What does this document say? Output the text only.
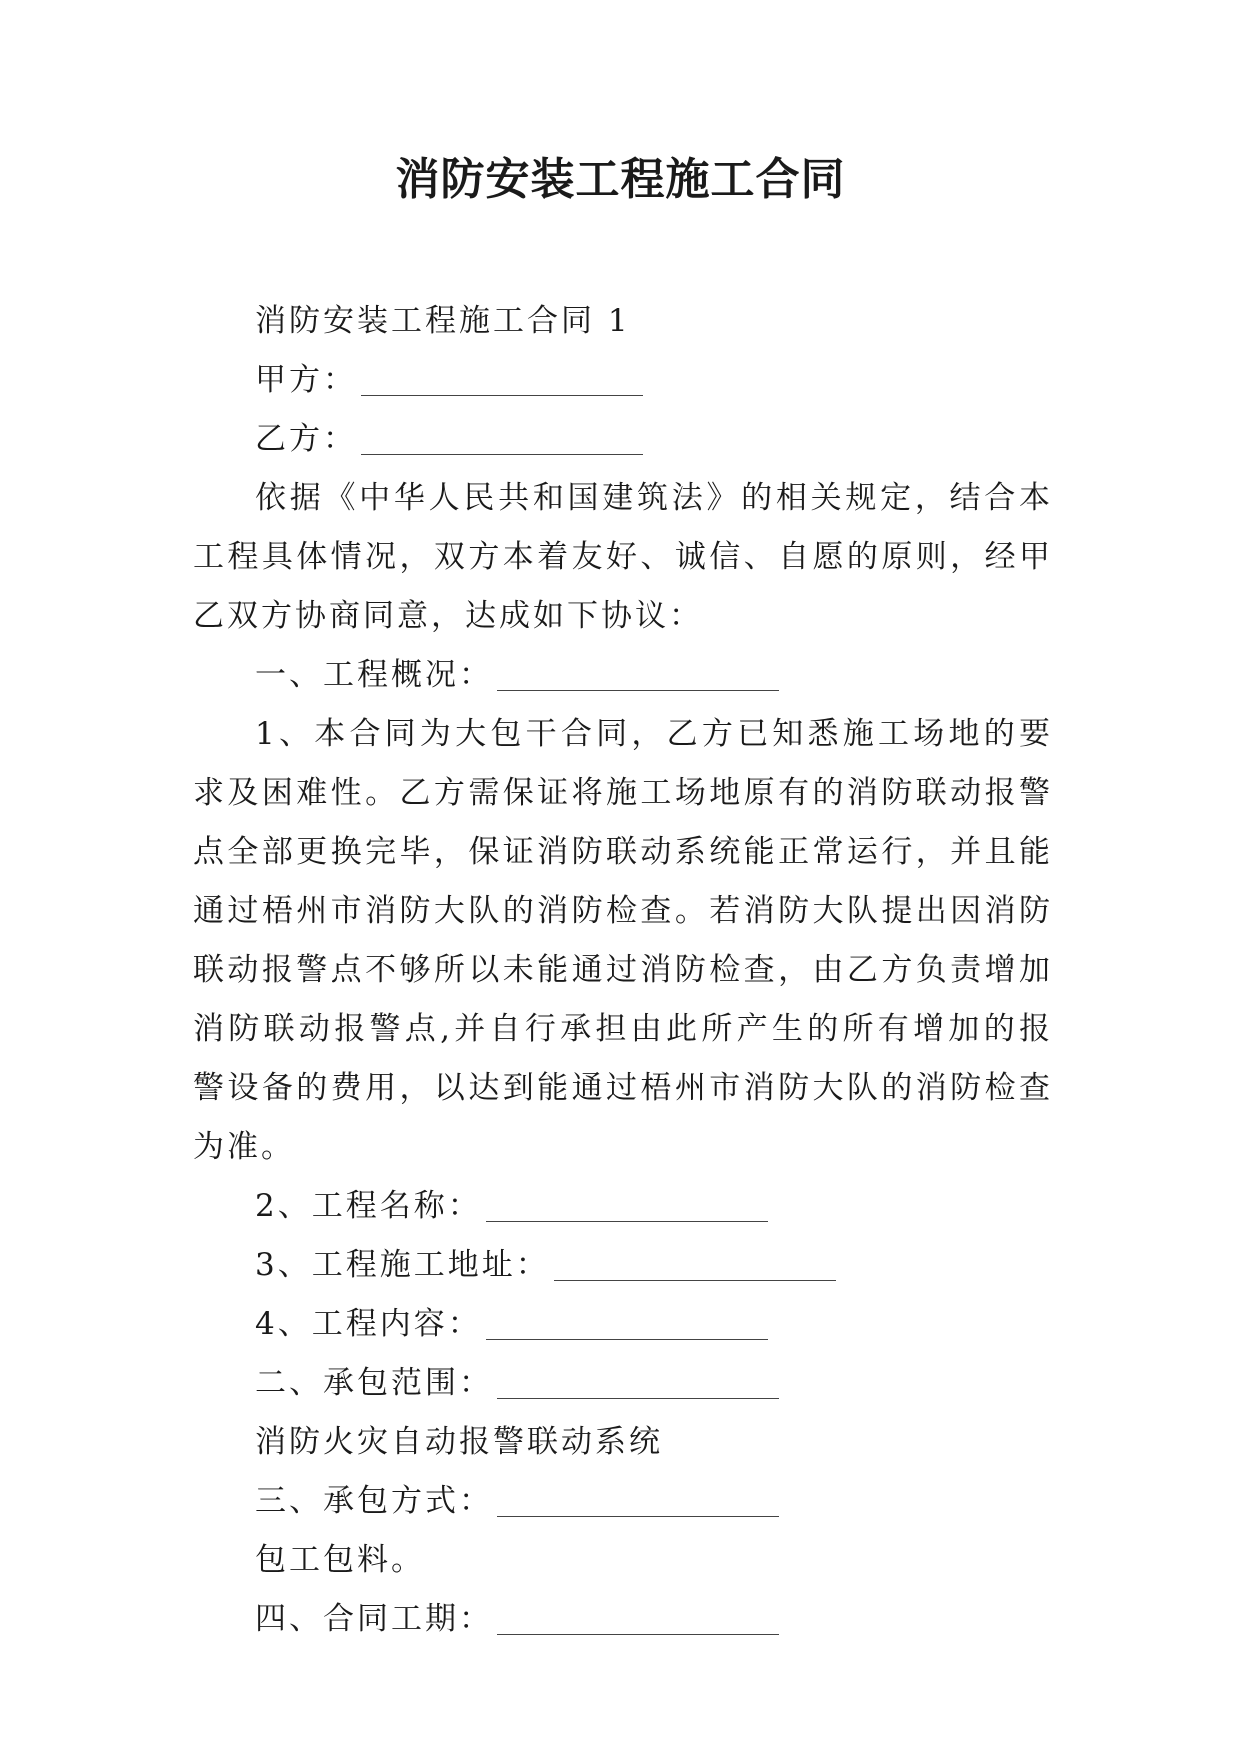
消防安装工程施工合同

消防安装工程施工合同 1

甲方：

乙方：

依据《中华人民共和国建筑法》的相关规定，结合本工程具体情况，双方本着友好、诚信、自愿的原则，经甲乙双方协商同意，达成如下协议：

一、工程概况：

1、本合同为大包干合同，乙方已知悉施工场地的要求及困难性。乙方需保证将施工场地原有的消防联动报警点全部更换完毕，保证消防联动系统能正常运行，并且能通过梧州市消防大队的消防检查。若消防大队提出因消防联动报警点不够所以未能通过消防检查，由乙方负责增加消防联动报警点,并自行承担由此所产生的所有增加的报警设备的费用，以达到能通过梧州市消防大队的消防检查为准。

2、工程名称：

3、工程施工地址：

4、工程内容：

二、承包范围：

消防火灾自动报警联动系统

三、承包方式：

包工包料。

四、合同工期：
